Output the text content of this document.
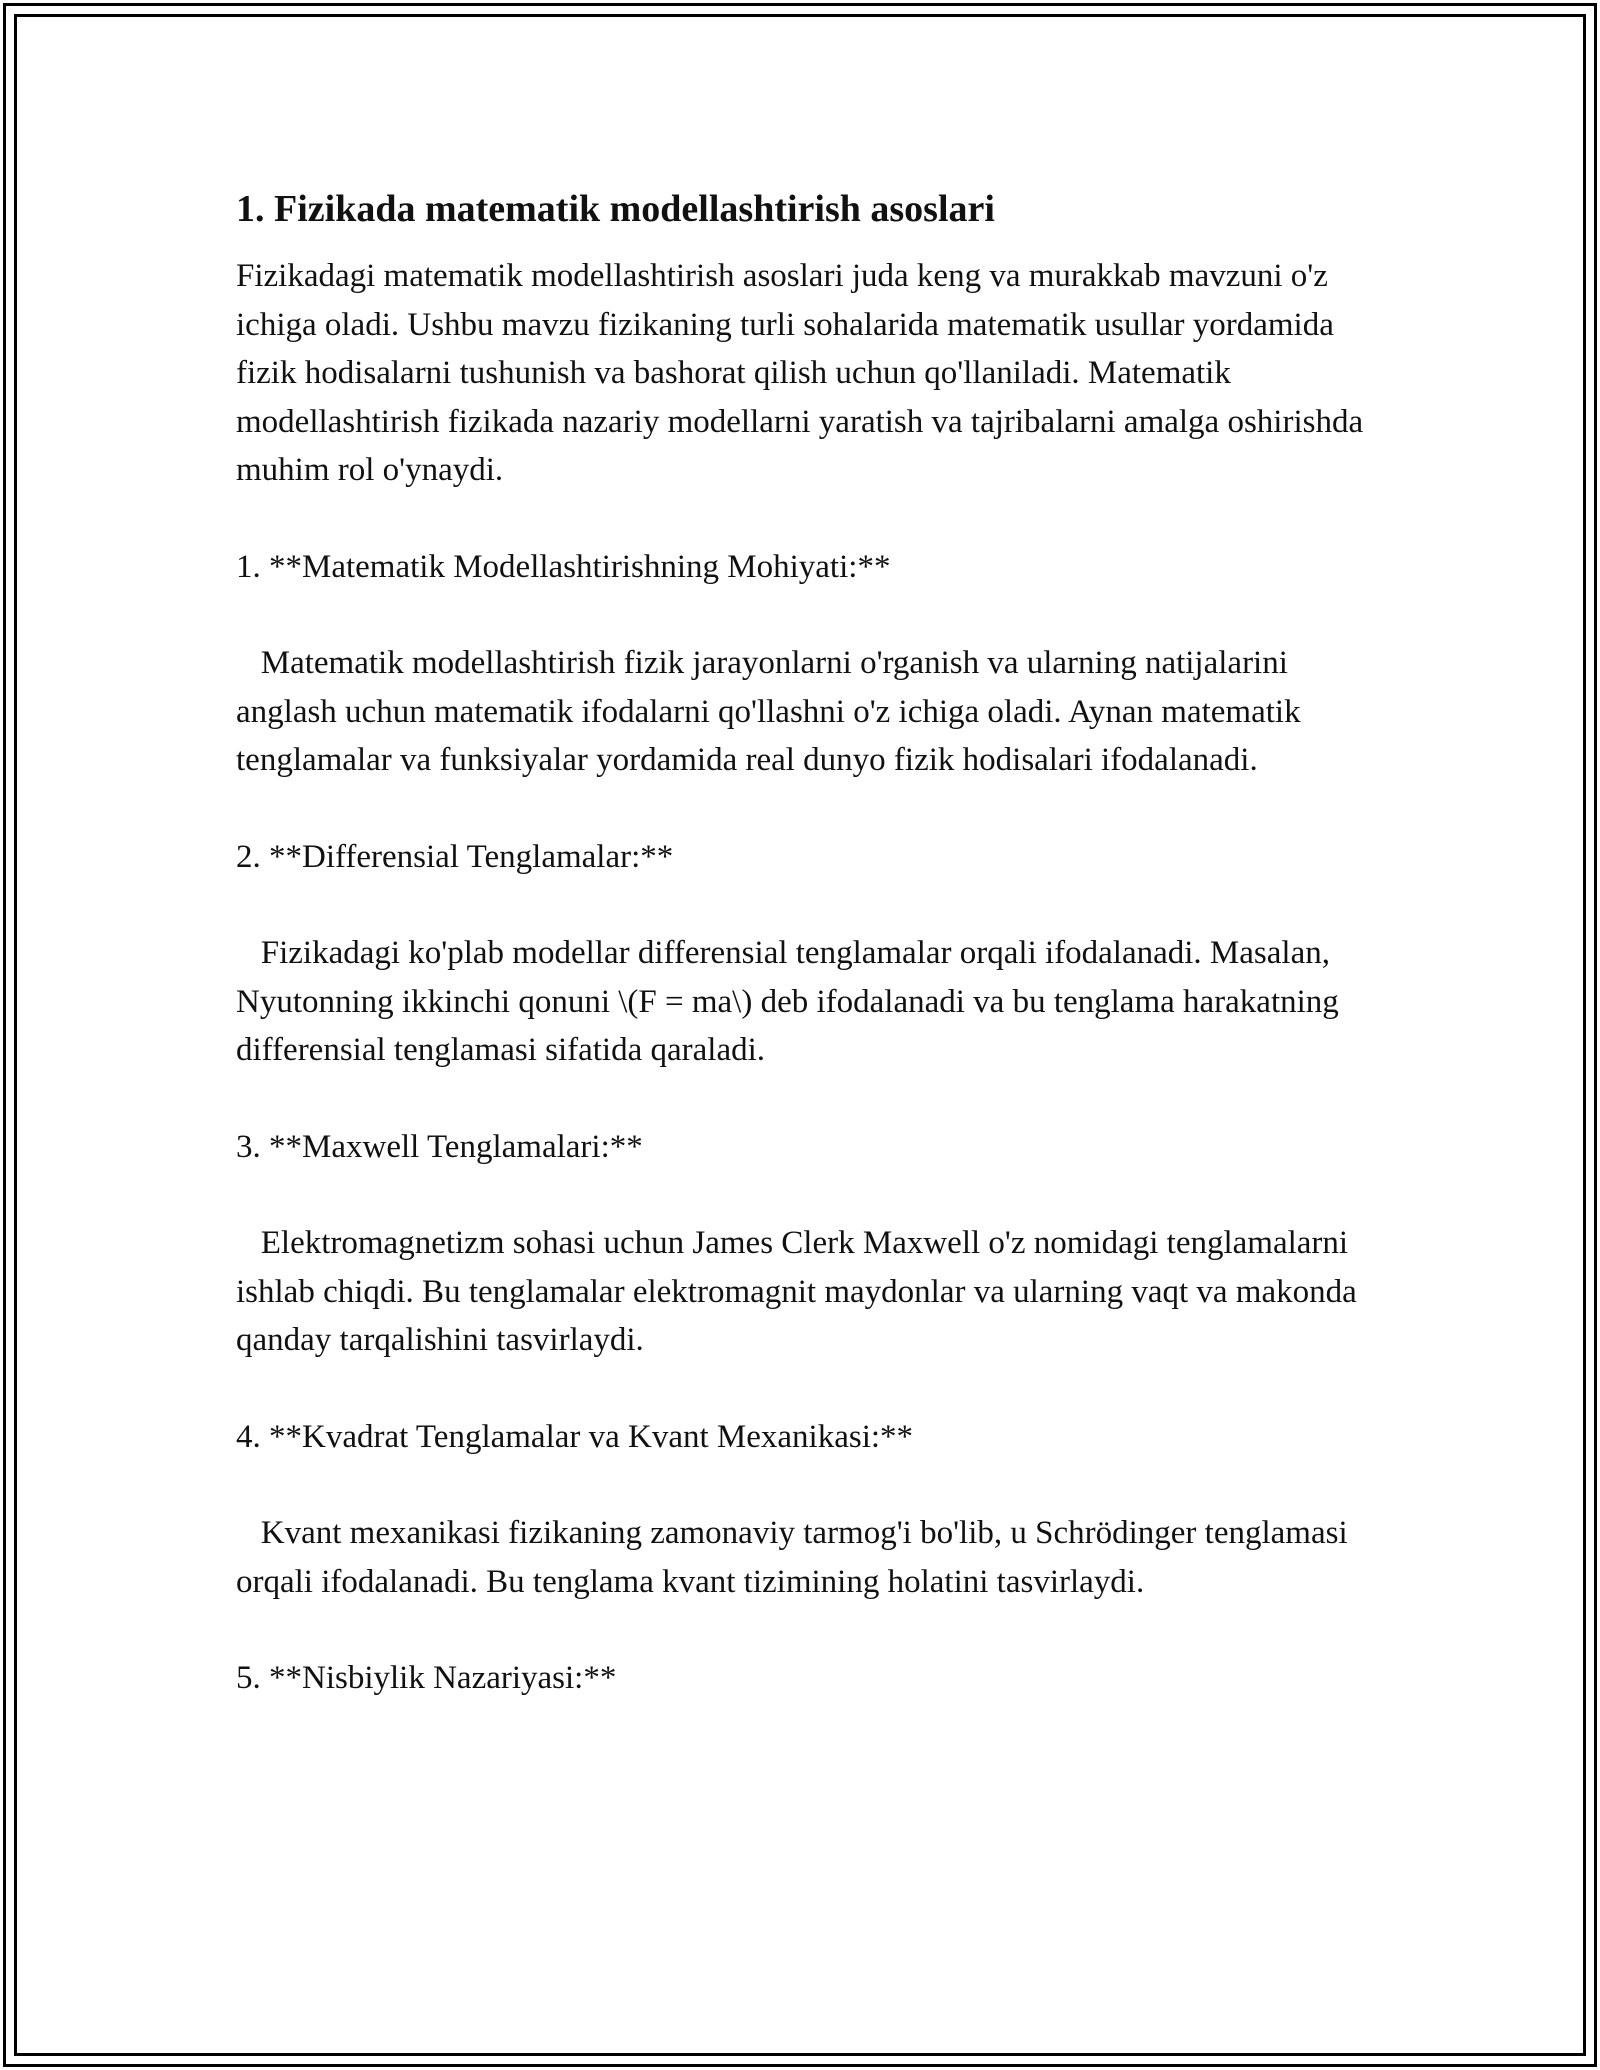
1. Fizikada matematik modellashtirish asoslari

Fizikadagi matematik modellashtirish asoslari juda keng va murakkab mavzuni o'z ichiga oladi. Ushbu mavzu fizikaning turli sohalarida matematik usullar yordamida fizik hodisalarni tushunish va bashorat qilish uchun qo'llaniladi. Matematik modellashtirish fizikada nazariy modellarni yaratish va tajribalarni amalga oshirishda muhim rol o'ynaydi.

1. **Matematik Modellashtirishning Mohiyati:**

Matematik modellashtirish fizik jarayonlarni o'rganish va ularning natijalarini anglash uchun matematik ifodalarni qo'llashni o'z ichiga oladi. Aynan matematik tenglamalar va funksiyalar yordamida real dunyo fizik hodisalari ifodalanadi.

2. **Differensial Tenglamalar:**

Fizikadagi ko'plab modellar differensial tenglamalar orqali ifodalanadi. Masalan, Nyutonning ikkinchi qonuni \(F = ma\) deb ifodalanadi va bu tenglama harakatning differensial tenglamasi sifatida qaraladi.

3. **Maxwell Tenglamalari:**

Elektromagnetizm sohasi uchun James Clerk Maxwell o'z nomidagi tenglamalarni ishlab chiqdi. Bu tenglamalar elektromagnit maydonlar va ularning vaqt va makonda qanday tarqalishini tasvirlaydi.

4. **Kvadrat Tenglamalar va Kvant Mexanikasi:**

Kvant mexanikasi fizikaning zamonaviy tarmog'i bo'lib, u Schrödinger tenglamasi orqali ifodalanadi. Bu tenglama kvant tizimining holatini tasvirlaydi.

5. **Nisbiylik Nazariyasi:**
